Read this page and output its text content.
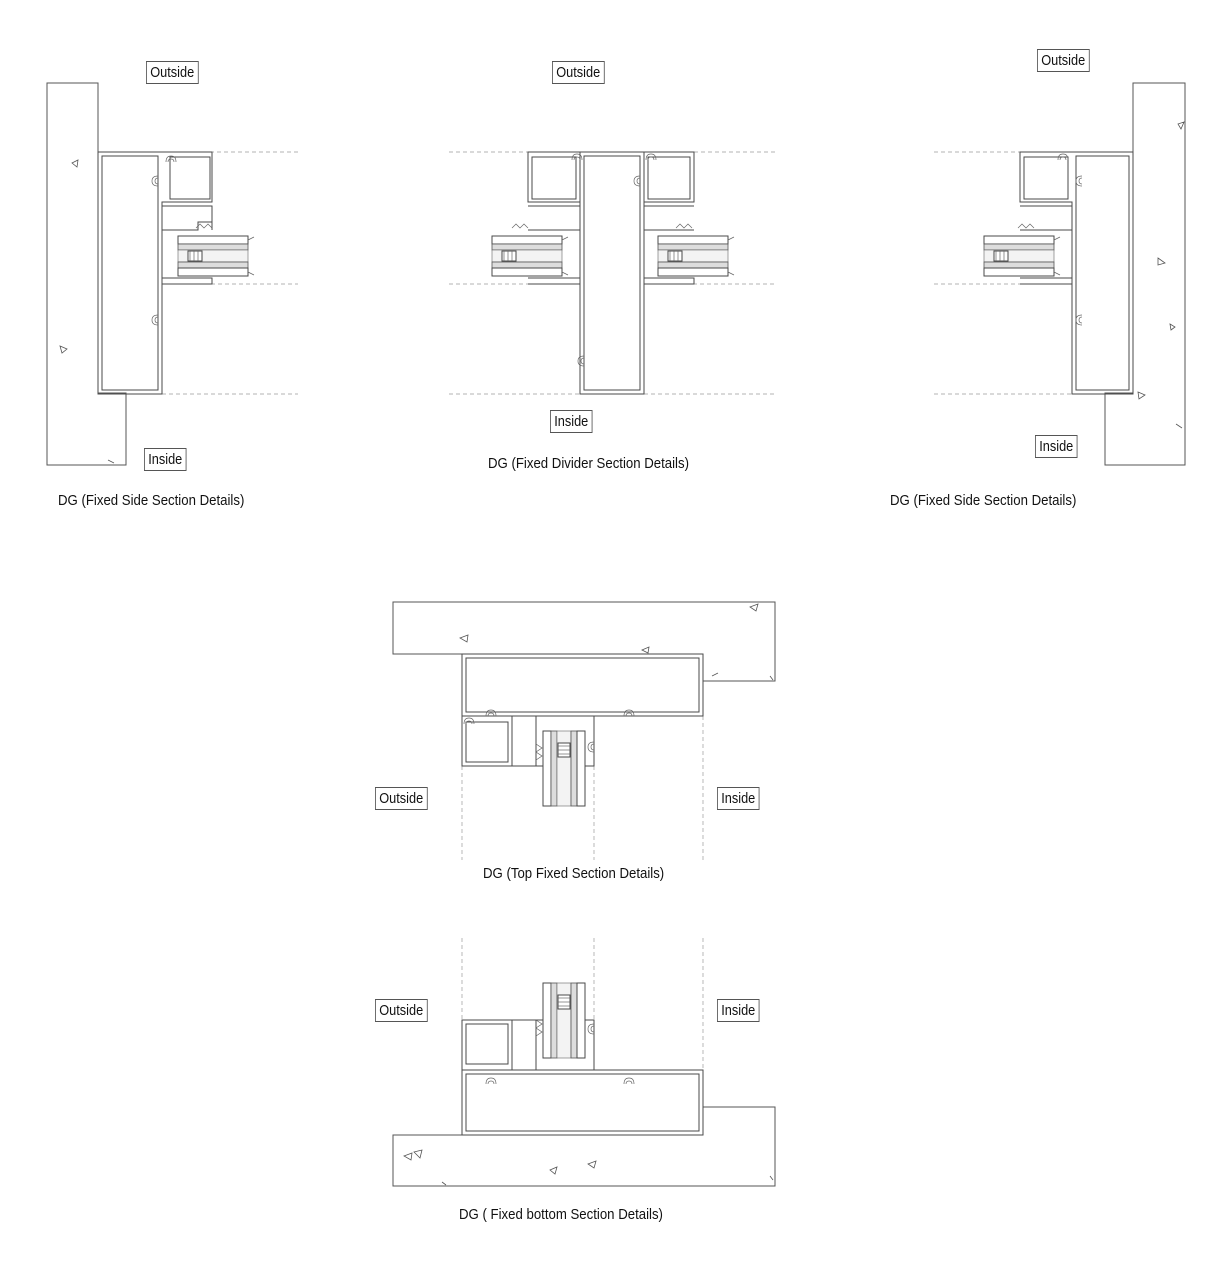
Outside
Inside
Outside
Inside
Outside
Inside
Outside	Inside
Outside	Inside
DG (Fixed Side Section Details)
DG (Fixed Divider Section Details)
DG (Fixed Side Section Details)
DG (Top Fixed Section Details)
DG ( Fixed bottom Section Details)
